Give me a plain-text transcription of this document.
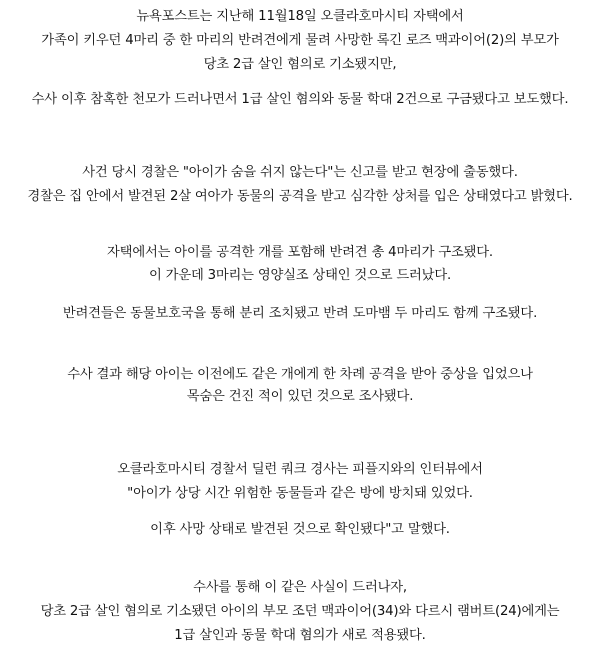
뉴욕포스트는 지난해 11월18일 오클라호마시티 자택에서
가족이 키우던 4마리 중 한 마리의 반려견에게 물려 사망한 록긴 로즈 맥과이어(2)의 부모가
당초 2급 살인 혐의로 기소됐지만,
수사 이후 참혹한 천모가 드러나면서 1급 살인 혐의와 동물 학대 2건으로 구금됐다고 보도했다.
사건 당시 경찰은 "아이가 숨을 쉬지 않는다"는 신고를 받고 현장에 출동했다.
경찰은 집 안에서 발견된 2살 여아가 동물의 공격을 받고 심각한 상처를 입은 상태였다고 밝혔다.
자택에서는 아이를 공격한 개를 포함해 반려견 총 4마리가 구조됐다.
이 가운데 3마리는 영양실조 상태인 것으로 드러났다.
반려견들은 동물보호국을 통해 분리 조치됐고 반려 도마뱀 두 마리도 함께 구조됐다.
수사 결과 해당 아이는 이전에도 같은 개에게 한 차례 공격을 받아 중상을 입었으나
목숨은 건진 적이 있던 것으로 조사됐다.
오클라호마시티 경찰서 딜런 쿼크 경사는 피플지와의 인터뷰에서
"아이가 상당 시간 위험한 동물들과 같은 방에 방치돼 있었다.
이후 사망 상태로 발견된 것으로 확인됐다"고 말했다.
수사를 통해 이 같은 사실이 드러나자,
당초 2급 살인 혐의로 기소됐던 아이의 부모 조던 맥과이어(34)와 다르시 램버트(24)에게는
1급 살인과 동물 학대 혐의가 새로 적용됐다.
